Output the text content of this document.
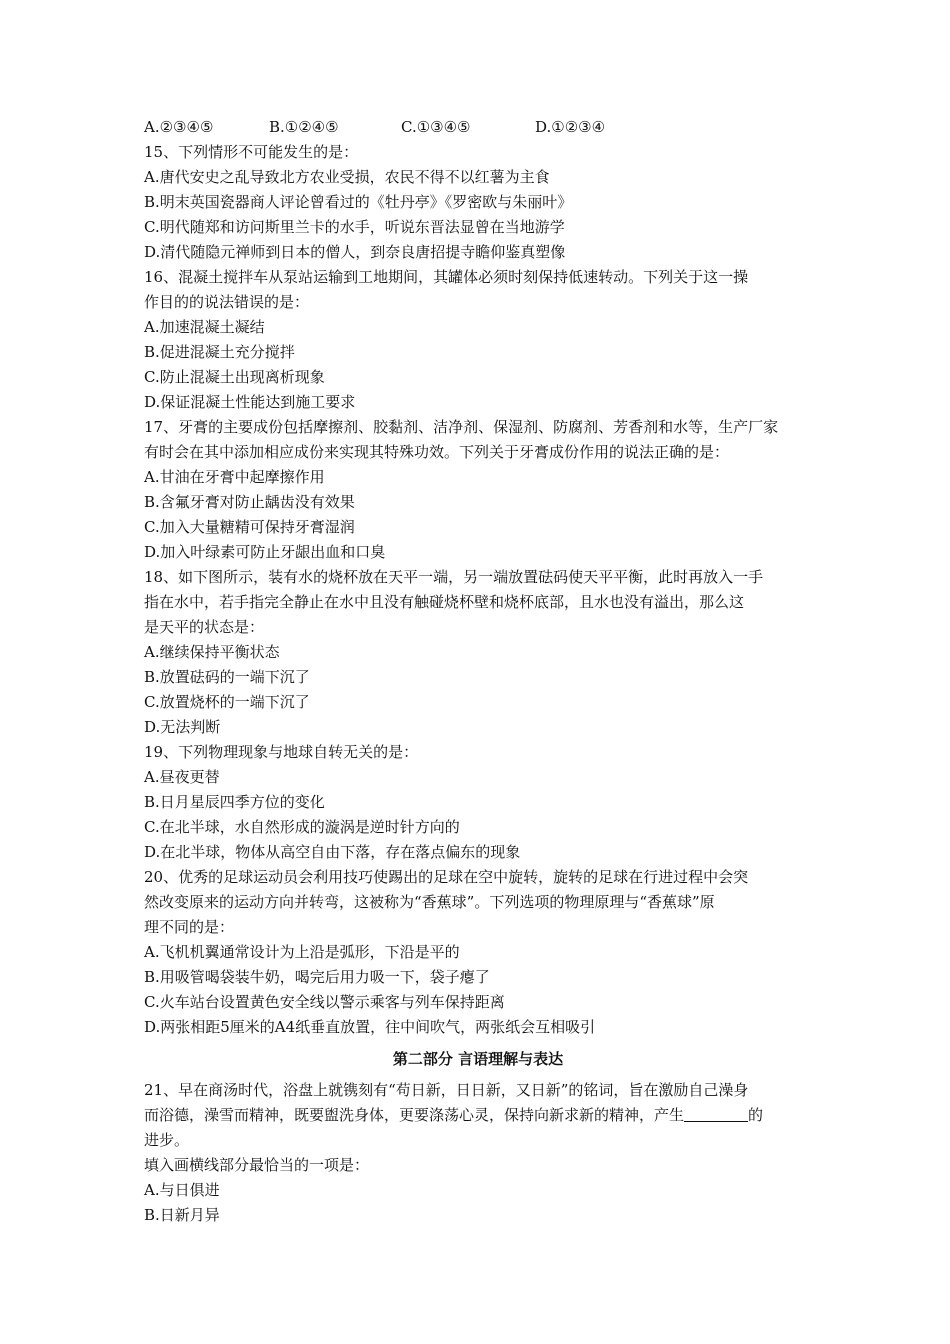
A.②③④⑤	B.①②④⑤	C.①③④⑤	D.①②③④
15、下列情形不可能发生的是：
A.唐代安史之乱导致北方农业受损，农民不得不以红薯为主食
B.明末英国瓷器商人评论曾看过的《牡丹亭》《罗密欧与朱丽叶》
C.明代随郑和访问斯里兰卡的水手，听说东晋法显曾在当地游学
D.清代随隐元禅师到日本的僧人，到奈良唐招提寺瞻仰鉴真塑像
16、混凝土搅拌车从泵站运输到工地期间，其罐体必须时刻保持低速转动。下列关于这一操
作目的的说法错误的是：
A.加速混凝土凝结
B.促进混凝土充分搅拌
C.防止混凝土出现离析现象
D.保证混凝土性能达到施工要求
17、牙膏的主要成份包括摩擦剂、胶黏剂、洁净剂、保湿剂、防腐剂、芳香剂和水等，生产厂家
有时会在其中添加相应成份来实现其特殊功效。下列关于牙膏成份作用的说法正确的是：
A.甘油在牙膏中起摩擦作用
B.含氟牙膏对防止龋齿没有效果
C.加入大量糖精可保持牙膏湿润
D.加入叶绿素可防止牙龈出血和口臭
18、如下图所示，装有水的烧杯放在天平一端，另一端放置砝码使天平平衡，此时再放入一手
指在水中，若手指完全静止在水中且没有触碰烧杯壁和烧杯底部，且水也没有溢出，那么这
是天平的状态是：
A.继续保持平衡状态
B.放置砝码的一端下沉了
C.放置烧杯的一端下沉了
D.无法判断
19、下列物理现象与地球自转无关的是：
A.昼夜更替
B.日月星辰四季方位的变化
C.在北半球，水自然形成的漩涡是逆时针方向的
D.在北半球，物体从高空自由下落，存在落点偏东的现象
20、优秀的足球运动员会利用技巧使踢出的足球在空中旋转，旋转的足球在行进过程中会突
然改变原来的运动方向并转弯，这被称为“香蕉球”。下列选项的物理原理与“香蕉球”原
理不同的是：
A.飞机机翼通常设计为上沿是弧形，下沿是平的
B.用吸管喝袋装牛奶，喝完后用力吸一下，袋子瘪了
C.火车站台设置黄色安全线以警示乘客与列车保持距离
D.两张相距5厘米的A4纸垂直放置，往中间吹气，两张纸会互相吸引
第二部分 言语理解与表达
21、早在商汤时代，浴盘上就镌刻有“苟日新，日日新，又日新”的铭词，旨在激励自己澡身
而浴德，澡雪而精神，既要盥洗身体，更要涤荡心灵，保持向新求新的精神，产生	的
进步。
填入画横线部分最恰当的一项是：
A.与日俱进
B.日新月异
